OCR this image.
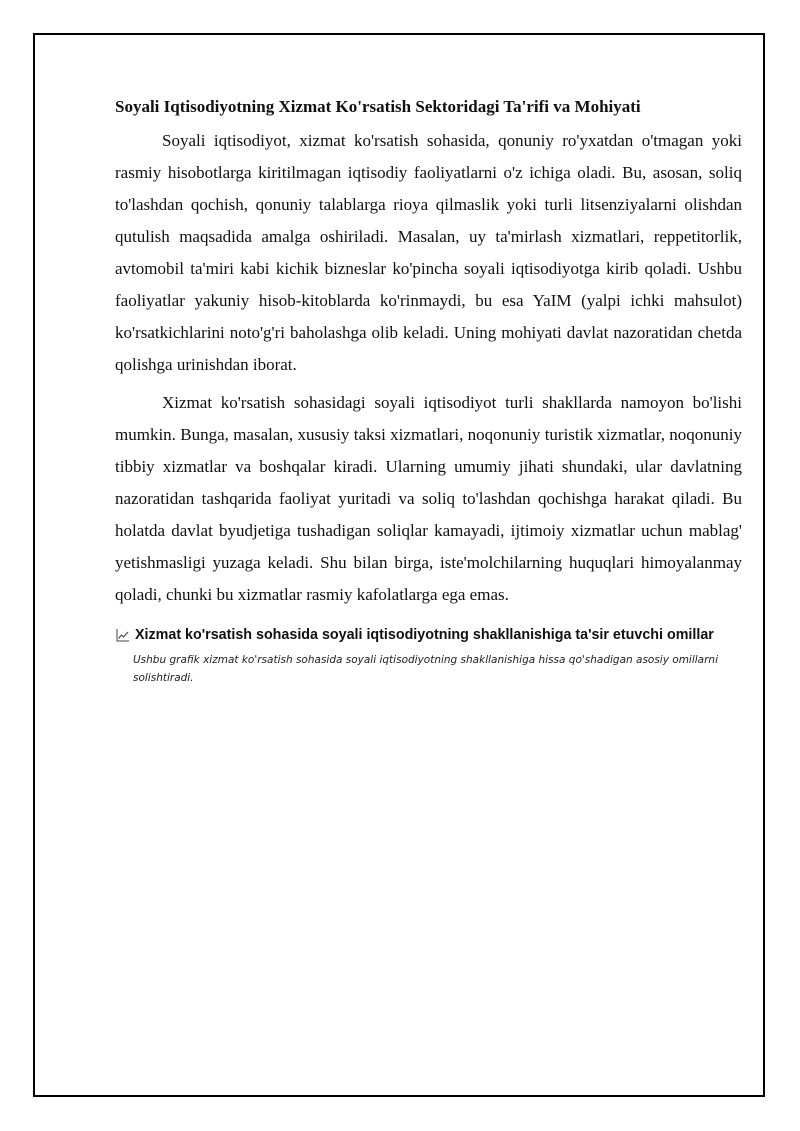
Soyali Iqtisodiyotning Xizmat Ko'rsatish Sektoridagi Ta'rifi va Mohiyati

Soyali iqtisodiyot, xizmat ko'rsatish sohasida, qonuniy ro'yxatdan o'tmagan yoki rasmiy hisobotlarga kiritilmagan iqtisodiy faoliyatlarni o'z ichiga oladi. Bu, asosan, soliq to'lashdan qochish, qonuniy talablarga rioya qilmaslik yoki turli litsenziyalarni olishdan qutulish maqsadida amalga oshiriladi. Masalan, uy ta'mirlash xizmatlari, reppetitorlik, avtomobil ta'miri kabi kichik bizneslar ko'pincha soyali iqtisodiyotga kirib qoladi. Ushbu faoliyatlar yakuniy hisob-kitoblarda ko'rinmaydi, bu esa YaIM (yalpi ichki mahsulot) ko'rsatkichlarini noto'g'ri baholashga olib keladi. Uning mohiyati davlat nazoratidan chetda qolishga urinishdan iborat.

Xizmat ko'rsatish sohasidagi soyali iqtisodiyot turli shakllarda namoyon bo'lishi mumkin. Bunga, masalan, xususiy taksi xizmatlari, noqonuniy turistik xizmatlar, noqonuniy tibbiy xizmatlar va boshqalar kiradi. Ularning umumiy jihati shundaki, ular davlatning nazoratidan tashqarida faoliyat yuritadi va soliq to'lashdan qochishga harakat qiladi. Bu holatda davlat byudjetiga tushadigan soliqlar kamayadi, ijtimoiy xizmatlar uchun mablag' yetishmasligi yuzaga keladi. Shu bilan birga, iste'molchilarning huquqlari himoyalanmay qoladi, chunki bu xizmatlar rasmiy kafolatlarga ega emas.

Xizmat ko'rsatish sohasida soyali iqtisodiyotning shakllanishiga ta'sir etuvchi omillar
Ushbu grafik xizmat ko'rsatish sohasida soyali iqtisodiyotning shakllanishiga hissa qo'shadigan asosiy omillarni solishtiradi.
